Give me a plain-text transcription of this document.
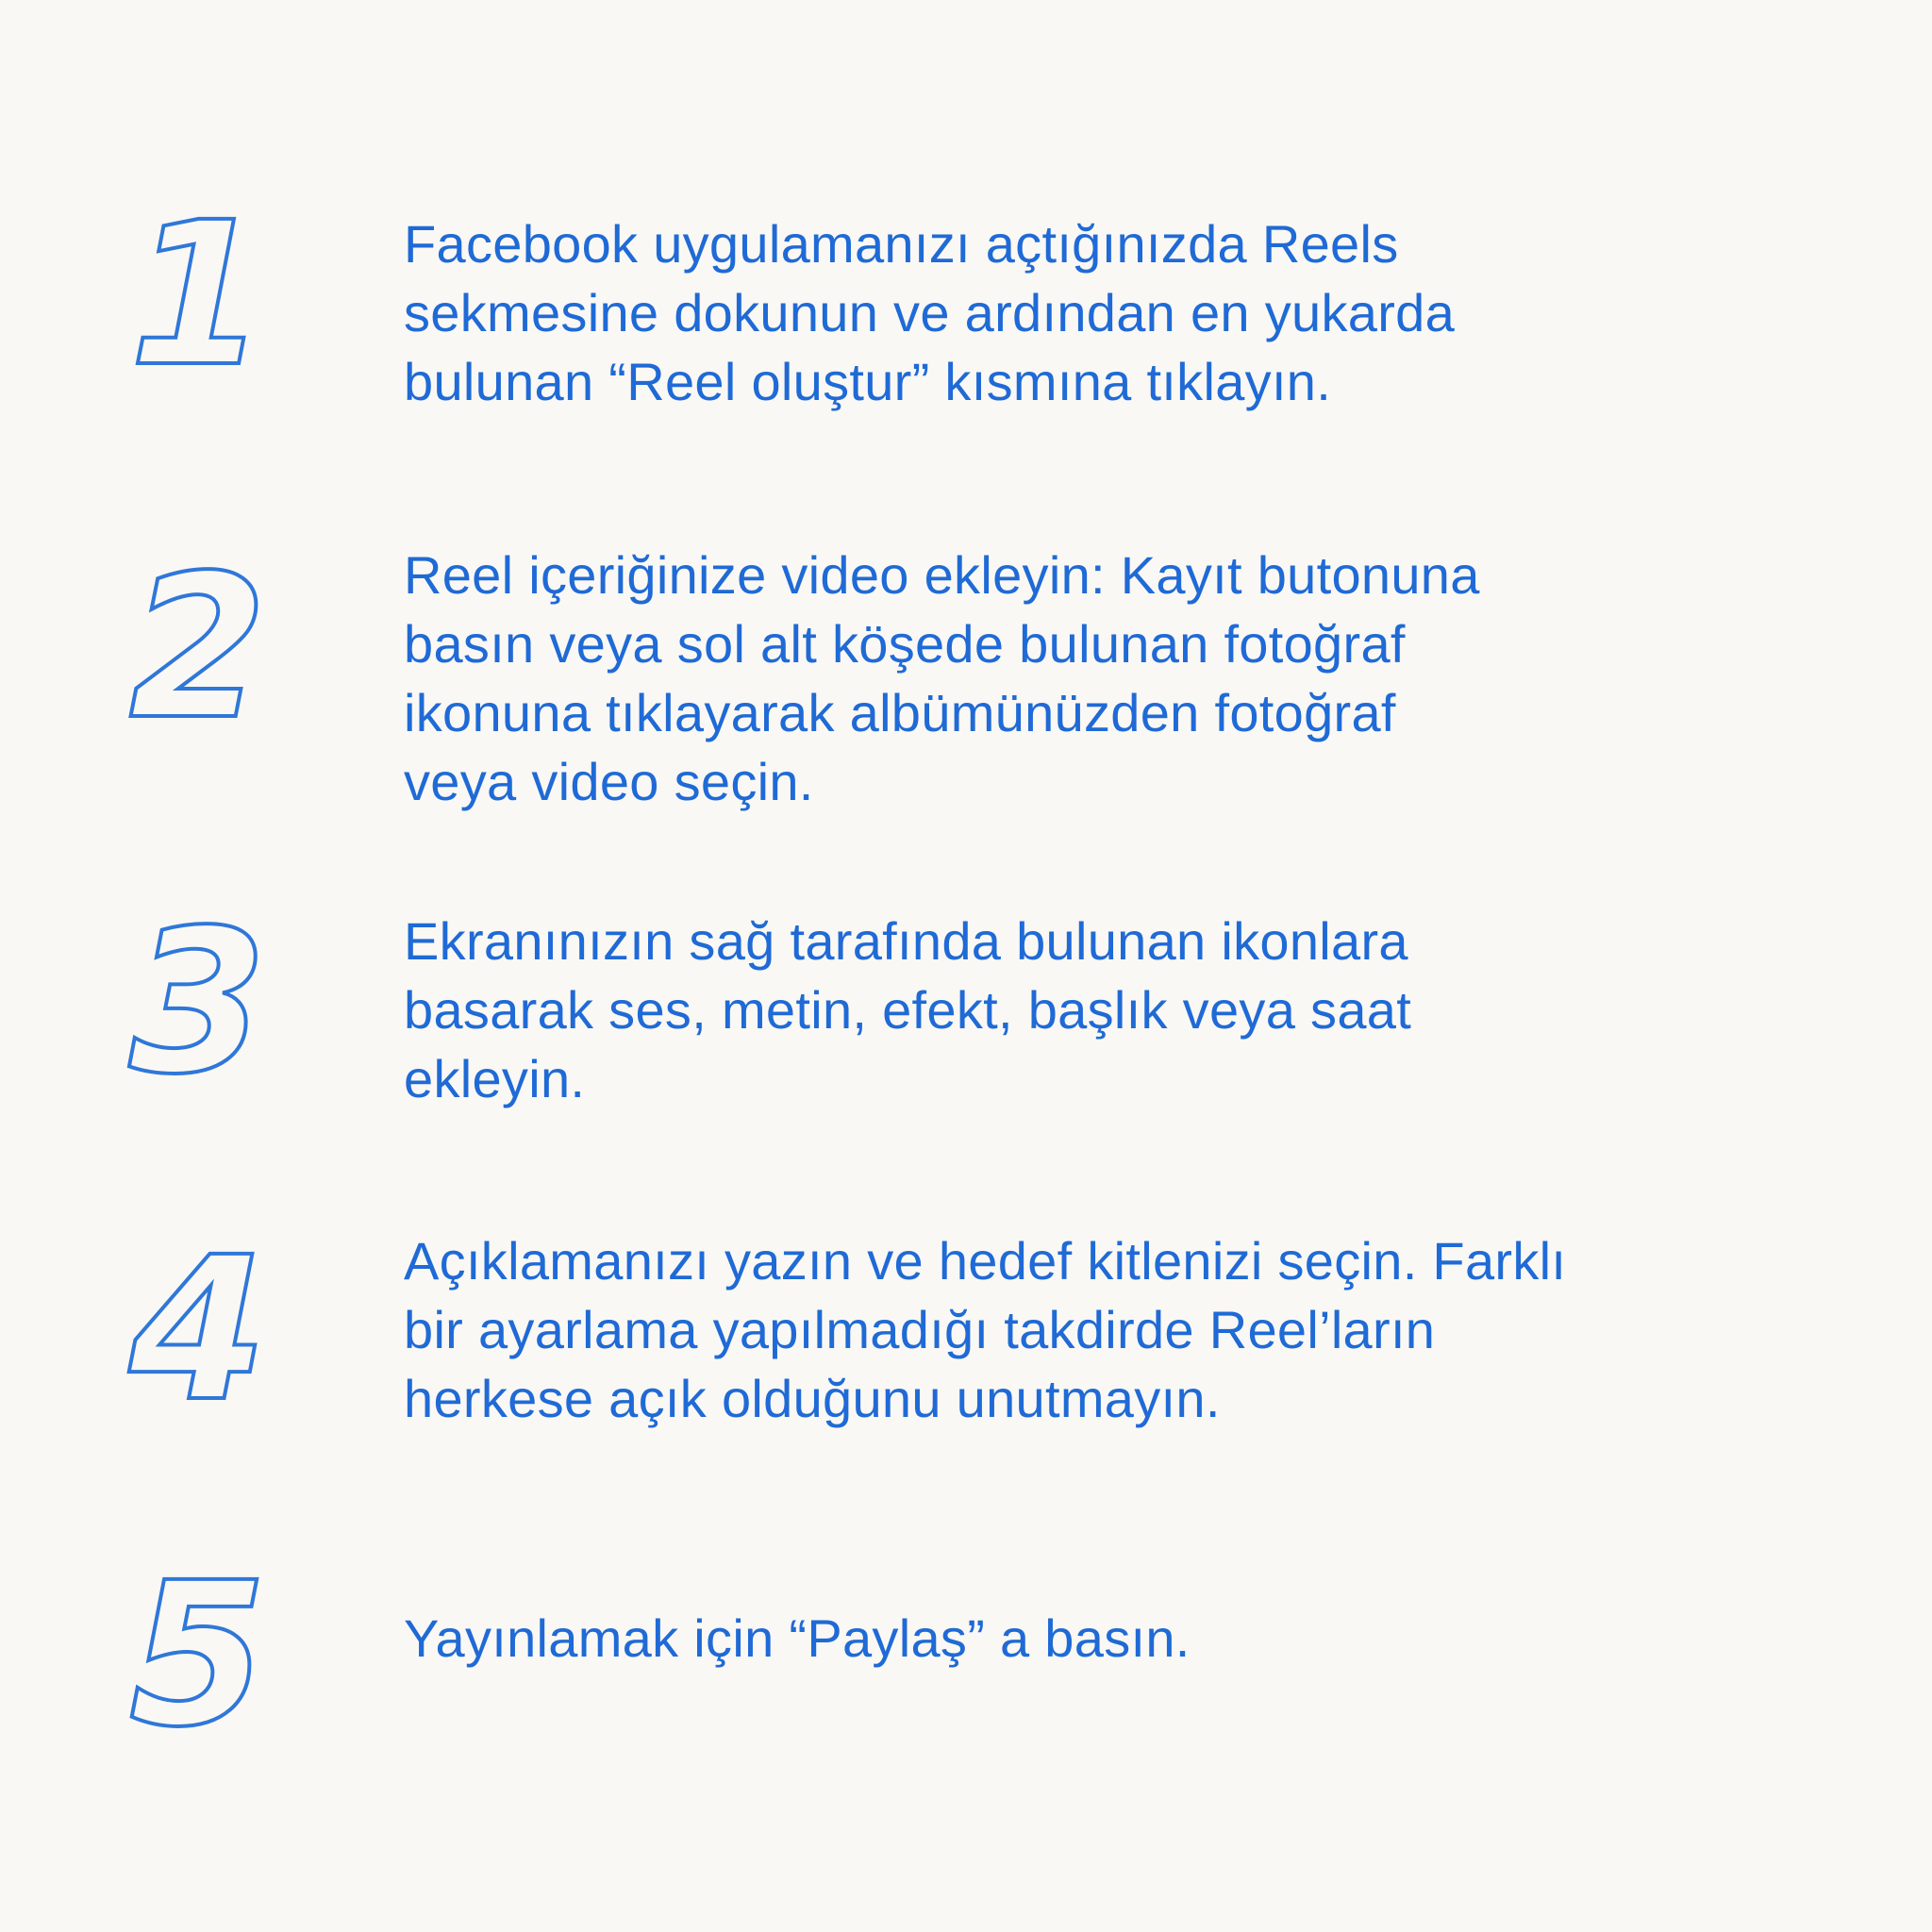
1	Facebook uygulamanızı açtığınızda Reels
sekmesine dokunun ve ardından en yukarda
bulunan “Reel oluştur” kısmına tıklayın.
2	Reel içeriğinize video ekleyin: Kayıt butonuna
basın veya sol alt köşede bulunan fotoğraf
ikonuna tıklayarak albümünüzden fotoğraf
veya video seçin.
3	Ekranınızın sağ tarafında bulunan ikonlara
basarak ses, metin, efekt, başlık veya saat
ekleyin.
4	Açıklamanızı yazın ve hedef kitlenizi seçin. Farklı
bir ayarlama yapılmadığı takdirde Reel’ların
herkese açık olduğunu unutmayın.
5	Yayınlamak için “Paylaş” a basın.
